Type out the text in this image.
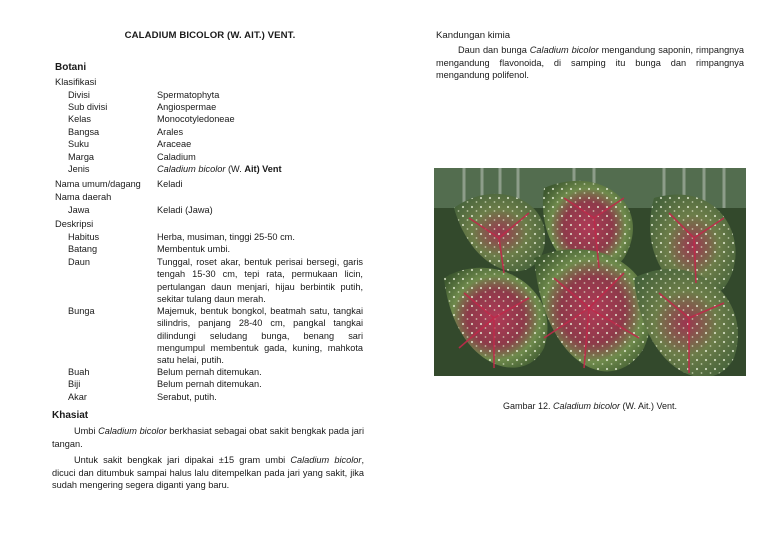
CALADIUM BICOLOR (W. AIT.) VENT.
Botani
Klasifikasi
Divisi	Spermatophyta
Sub divisi	Angiospermae
Kelas	Monocotyledoneae
Bangsa	Arales
Suku	Araceae
Marga	Caladium
Jenis	Caladium bicolor (W. Ait) Vent
Nama umum/dagang Keladi
Nama daerah
Jawa	Keladi (Jawa)
Deskripsi
Habitus	Herba, musiman, tinggi 25-50 cm.
Batang	Membentuk umbi.
Daun	Tunggal, roset akar, bentuk perisai bersegi, garis tengah 15-30 cm, tepi rata, permukaan licin, pertulangan daun menjari, hijau berbintik putih, sekitar tulang daun merah.
Bunga	Majemuk, bentuk bongkol, beatmah satu, tangkai silindris, panjang 28-40 cm, pangkal tangkai dilindungi seludang bunga, benang sari mengumpul membentuk gada, kuning, mahkota satu helai, putih.
Buah	Belum pernah ditemukan.
Biji	Belum pernah ditemukan.
Akar	Serabut, putih.
Khasiat
Umbi Caladium bicolor berkhasiat sebagai obat sakit bengkak pada jari tangan.
Untuk sakit bengkak jari dipakai ±15 gram umbi Caladium bicolor, dicuci dan ditumbuk sampai halus lalu ditempelkan pada jari yang sakit, jika sudah mengering segera diganti yang baru.
Kandungan kimia
Daun dan bunga Caladium bicolor mengandung saponin, rimpangnya mengandung flavonoida, di samping itu bunga dan rimpangnya mengandung polifenol.
Gambar 12. Caladium bicolor (W. Ait.) Vent.
